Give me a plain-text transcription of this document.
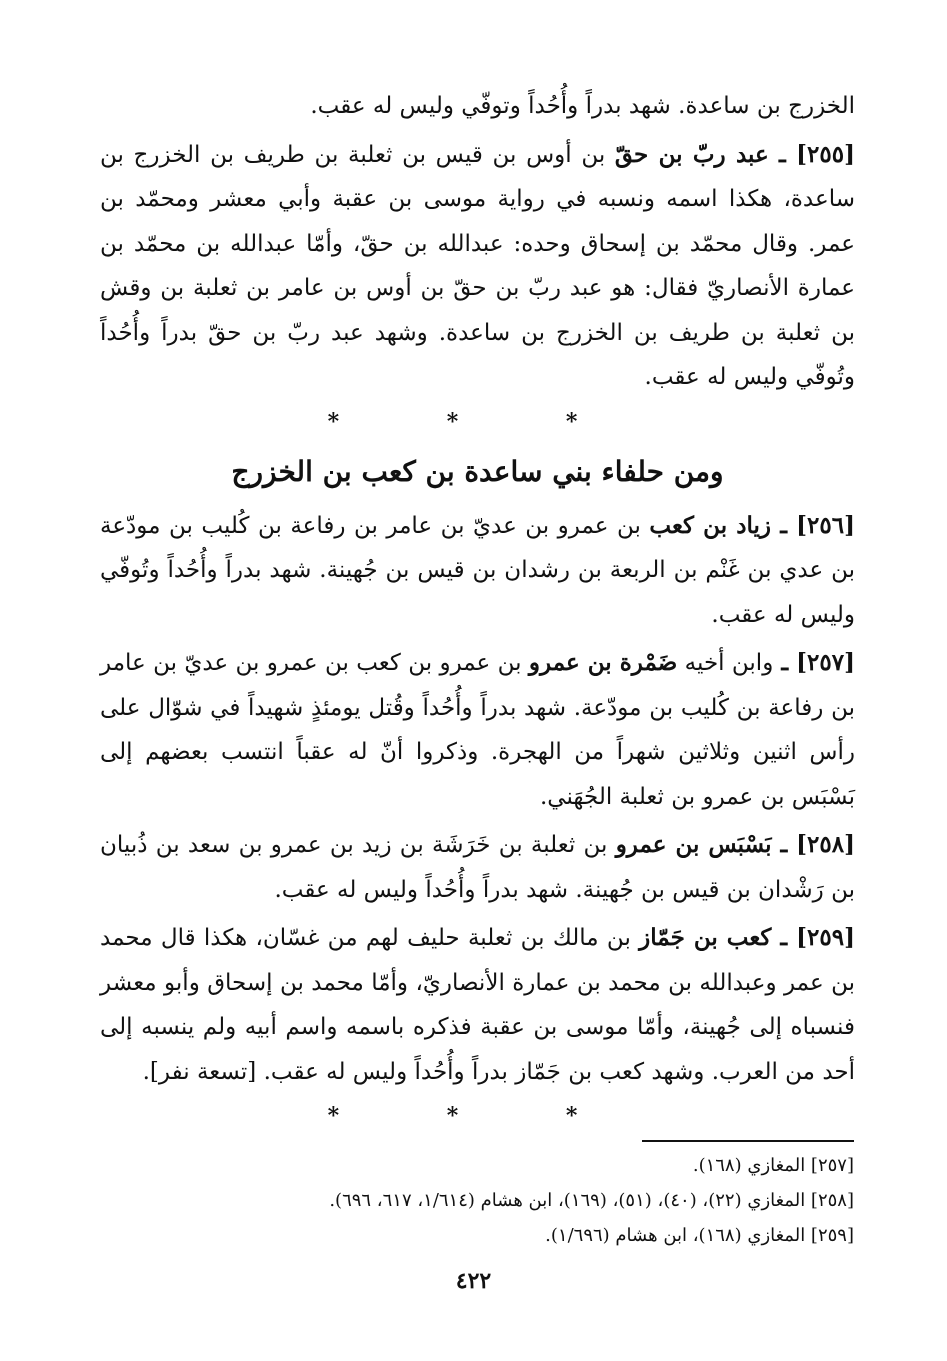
الخزرج بن ساعدة. شهد بدراً وأُحُداً وتوفّي وليس له عقب.

[٢٥٥] ـ عبد ربّ بن حقّ بن أوس بن قيس بن ثعلبة بن طريف بن الخزرج بن ساعدة، هكذا اسمه ونسبه في رواية موسى بن عقبة وأبي معشر ومحمّد بن عمر. وقال محمّد بن إسحاق وحده: عبدالله بن حقّ، وأمّا عبدالله بن محمّد بن عمارة الأنصاريّ فقال: هو عبد ربّ بن حقّ بن أوس بن عامر بن ثعلبة بن وقش بن ثعلبة بن طريف بن الخزرج بن ساعدة. وشهد عبد ربّ بن حقّ بدراً وأُحُداً وتُوفّي وليس له عقب.

* * *
ومن حلفاء بني ساعدة بن كعب بن الخزرج

[٢٥٦] ـ زياد بن كعب بن عمرو بن عديّ بن عامر بن رفاعة بن كُليب بن مودّعة بن عدي بن غَنْم بن الربعة بن رشدان بن قيس بن جُهينة. شهد بدراً وأُحُداً وتُوفّي وليس له عقب.

[٢٥٧] ـ وابن أخيه ضَمْرة بن عمرو بن عمرو بن كعب بن عمرو بن عديّ بن عامر بن رفاعة بن كُليب بن مودّعة. شهد بدراً وأُحُداً وقُتل يومئذٍ شهيداً في شوّال على رأس اثنين وثلاثين شهراً من الهجرة. وذكروا أنّ له عقباً انتسب بعضهم إلى بَسْبَس بن عمرو بن ثعلبة الجُهَني.

[٢٥٨] ـ بَسْبَس بن عمرو بن ثعلبة بن خَرَشَة بن زيد بن عمرو بن سعد بن ذُبيان بن رَشْدان بن قيس بن جُهينة. شهد بدراً وأُحُداً وليس له عقب.

[٢٥٩] ـ كعب بن جَمّاز بن مالك بن ثعلبة حليف لهم من غسّان، هكذا قال محمد بن عمر وعبدالله بن محمد بن عمارة الأنصاريّ، وأمّا محمد بن إسحاق وأبو معشر فنسباه إلى جُهينة، وأمّا موسى بن عقبة فذكره باسمه واسم أبيه ولم ينسبه إلى أحد من العرب. وشهد كعب بن جَمّاز بدراً وأُحُداً وليس له عقب. [تسعة نفر].

* * *

[٢٥٧] المغازي (١٦٨).

[٢٥٨] المغازي (٢٢)، (٤٠)، (٥١)، (١٦٩)، ابن هشام (١/٦١٤، ٦١٧، ٦٩٦).

[٢٥٩] المغازي (١٦٨)، ابن هشام (١/٦٩٦).

٤٢٢
